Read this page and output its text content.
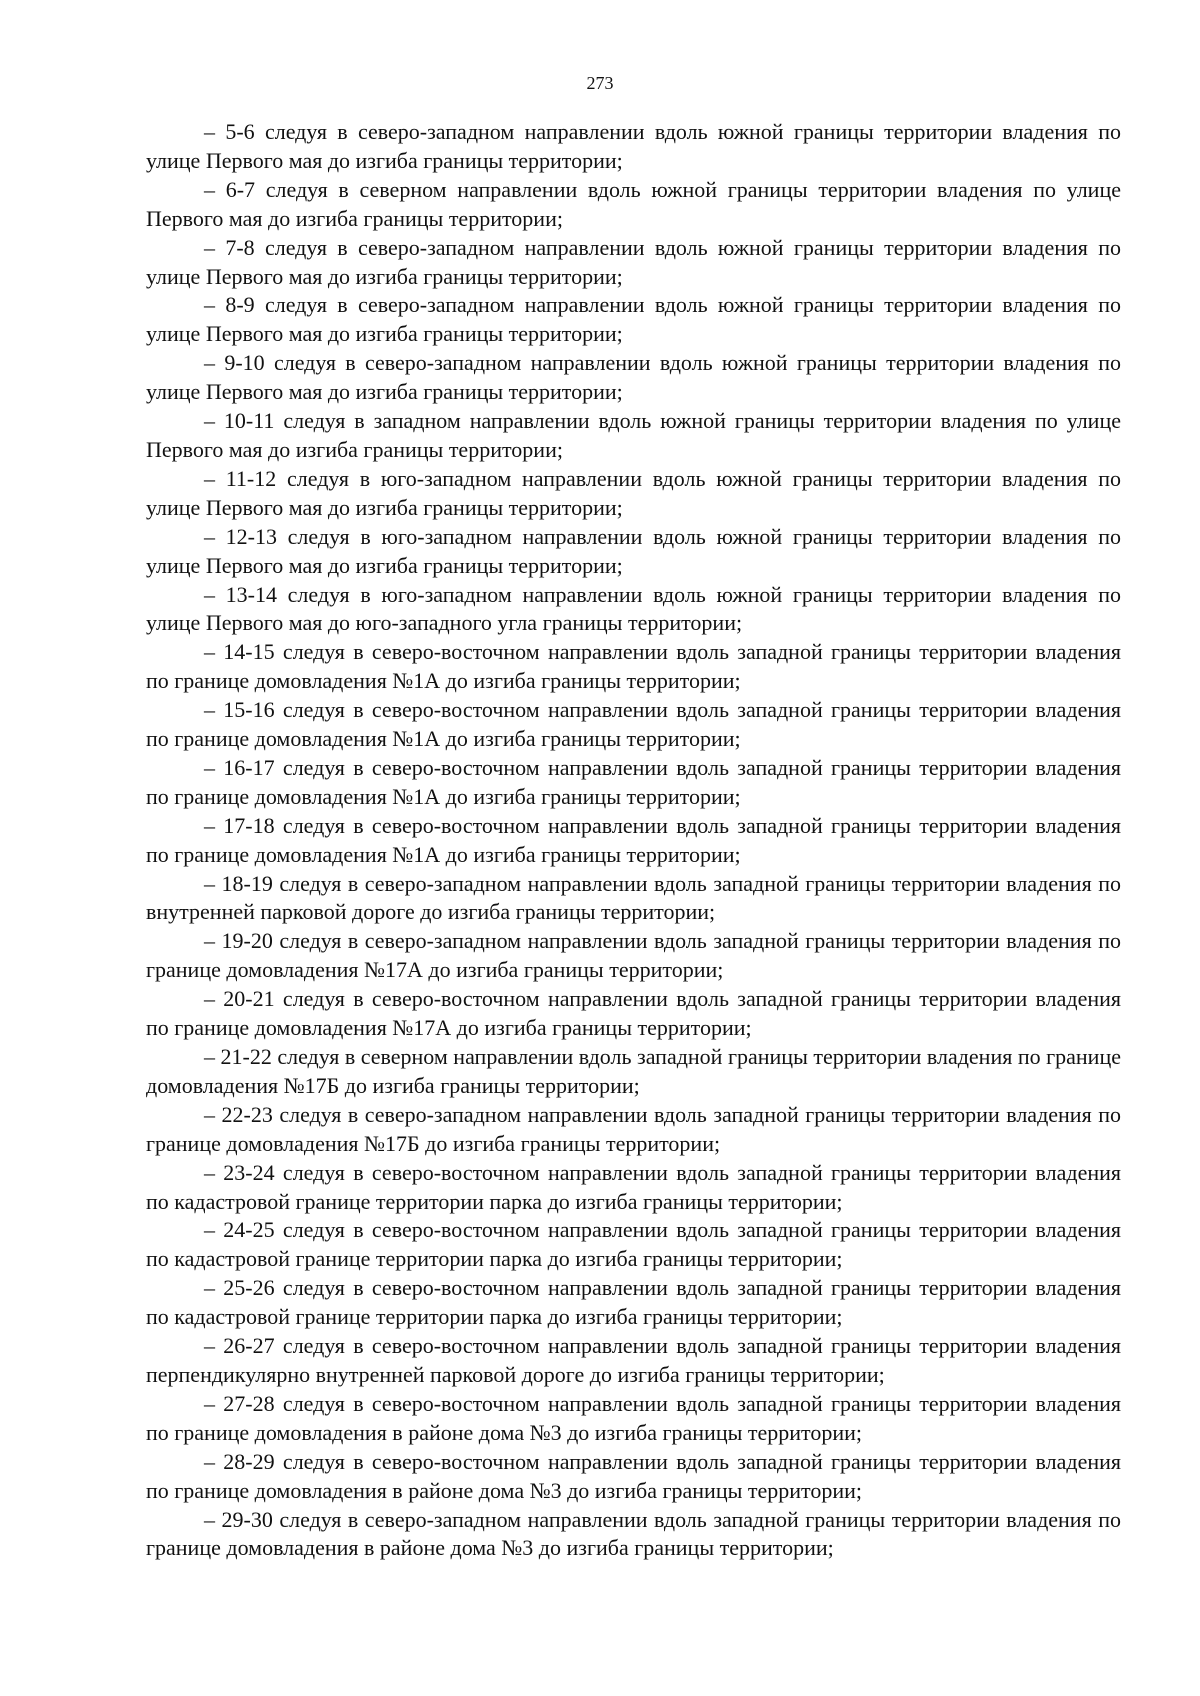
273

– 5-6 следуя в северо-западном направлении вдоль южной границы территории владения по улице Первого мая до изгиба границы территории;

– 6-7 следуя в северном направлении вдоль южной границы территории владения по улице Первого мая до изгиба границы территории;

– 7-8 следуя в северо-западном направлении вдоль южной границы территории владения по улице Первого мая до изгиба границы территории;

– 8-9 следуя в северо-западном направлении вдоль южной границы территории владения по улице Первого мая до изгиба границы территории;

– 9-10 следуя в северо-западном направлении вдоль южной границы территории владения по улице Первого мая до изгиба границы территории;

– 10-11 следуя в западном направлении вдоль южной границы территории владения по улице Первого мая до изгиба границы территории;

– 11-12 следуя в юго-западном направлении вдоль южной границы территории владения по улице Первого мая до изгиба границы территории;

– 12-13 следуя в юго-западном направлении вдоль южной границы территории владения по улице Первого мая до изгиба границы территории;

– 13-14 следуя в юго-западном направлении вдоль южной границы территории владения по улице Первого мая до юго-западного угла границы территории;

– 14-15 следуя в северо-восточном направлении вдоль западной границы территории владения по границе домовладения №1А до изгиба границы территории;

– 15-16 следуя в северо-восточном направлении вдоль западной границы территории владения по границе домовладения №1А до изгиба границы территории;

– 16-17 следуя в северо-восточном направлении вдоль западной границы территории владения по границе домовладения №1А до изгиба границы территории;

– 17-18 следуя в северо-восточном направлении вдоль западной границы территории владения по границе домовладения №1А до изгиба границы территории;

– 18-19 следуя в северо-западном направлении вдоль западной границы территории владения по внутренней парковой дороге до изгиба границы территории;

– 19-20 следуя в северо-западном направлении вдоль западной границы территории владения по границе домовладения №17А до изгиба границы территории;

– 20-21 следуя в северо-восточном направлении вдоль западной границы территории владения по границе домовладения №17А до изгиба границы территории;

– 21-22 следуя в северном направлении вдоль западной границы территории владения по границе домовладения №17Б до изгиба границы территории;

– 22-23 следуя в северо-западном направлении вдоль западной границы территории владения по границе домовладения №17Б до изгиба границы территории;

– 23-24 следуя в северо-восточном направлении вдоль западной границы территории владения по кадастровой границе территории парка до изгиба границы территории;

– 24-25 следуя в северо-восточном направлении вдоль западной границы территории владения по кадастровой границе территории парка до изгиба границы территории;

– 25-26 следуя в северо-восточном направлении вдоль западной границы территории владения по кадастровой границе территории парка до изгиба границы территории;

– 26-27 следуя в северо-восточном направлении вдоль западной границы территории владения перпендикулярно внутренней парковой дороге до изгиба границы территории;

– 27-28 следуя в северо-восточном направлении вдоль западной границы территории владения по границе домовладения в районе дома №3 до изгиба границы территории;

– 28-29 следуя в северо-восточном направлении вдоль западной границы территории владения по границе домовладения в районе дома №3 до изгиба границы территории;

– 29-30 следуя в северо-западном направлении вдоль западной границы территории владения по границе домовладения в районе дома №3 до изгиба границы территории;
